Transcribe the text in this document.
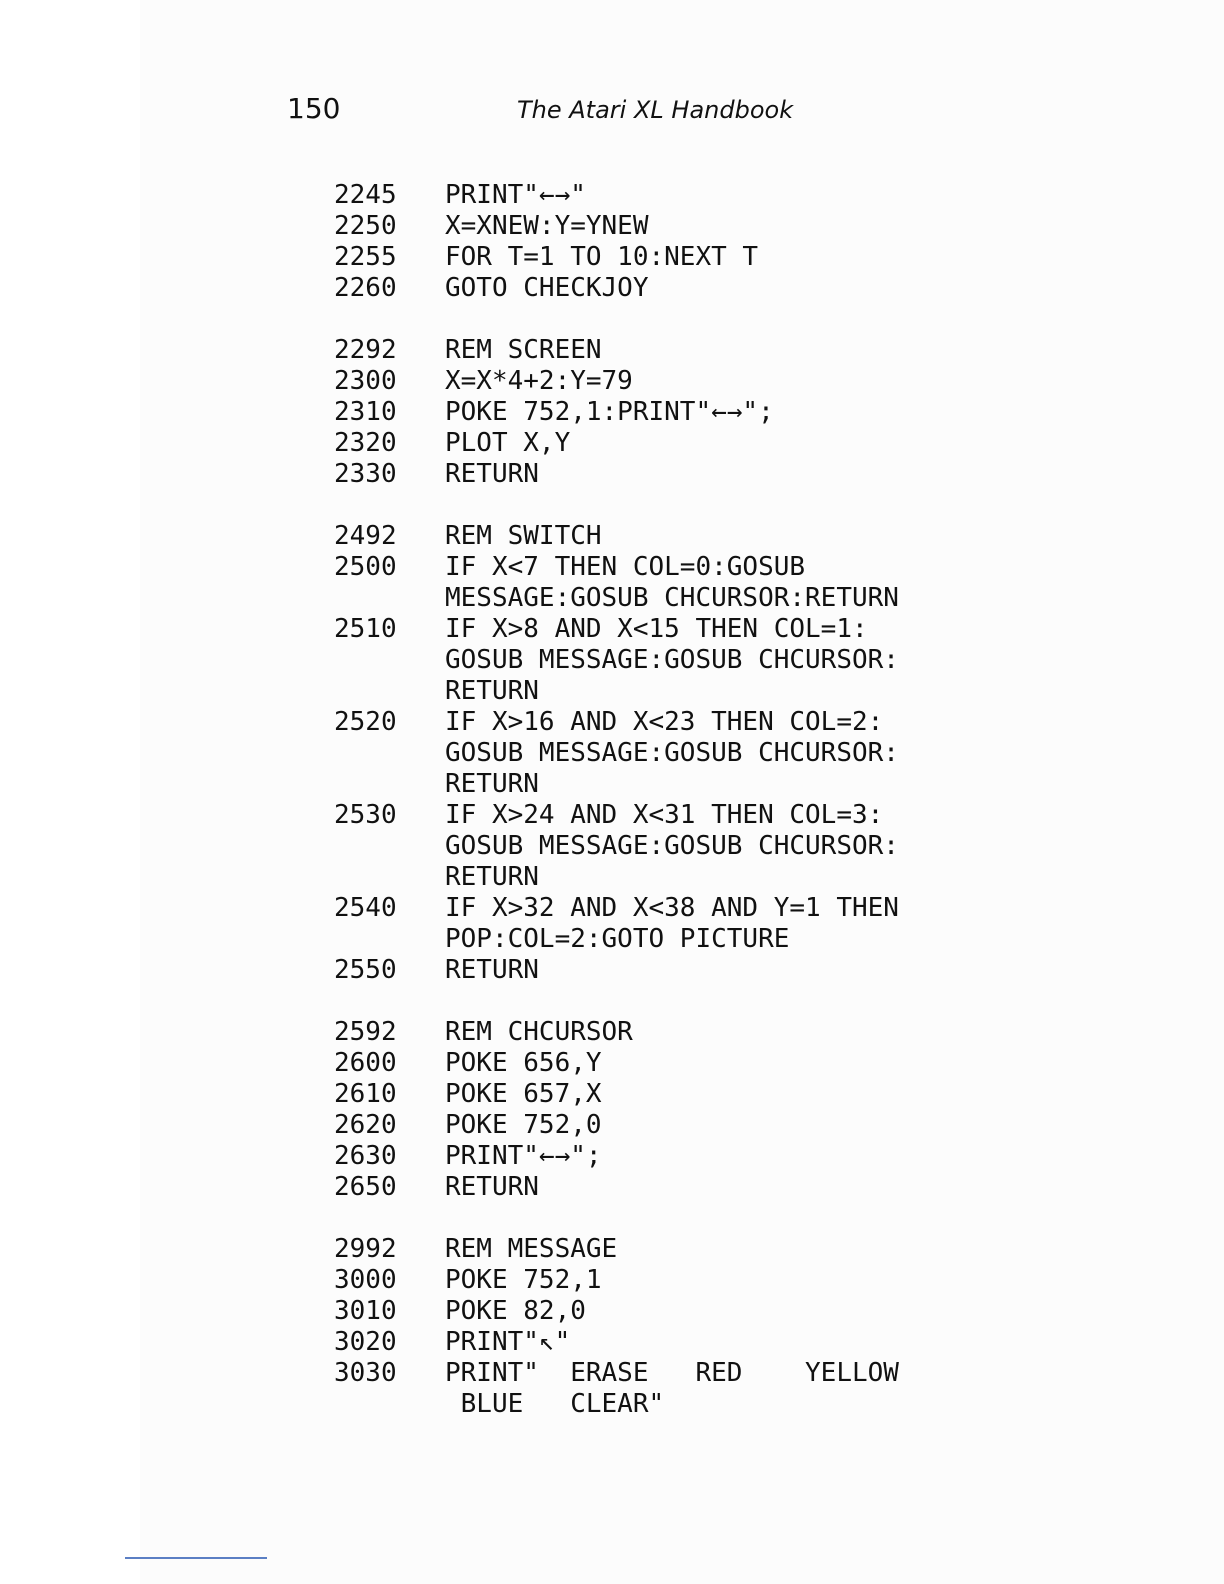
150	The Atari XL Handbook
2245	PRINT"←→"
2250	X=XNEW:Y=YNEW
2255	FOR T=1 TO 10:NEXT T
2260	GOTO CHECKJOY
2292	REM SCREEN
2300	X=X*4+2:Y=79
2310	POKE 752,1:PRINT"←→";
2320	PLOT X,Y
2330	RETURN
2492	REM SWITCH
2500	IF X<7 THEN COL=0:GOSUB
MESSAGE:GOSUB CHCURSOR:RETURN
2510	IF X>8 AND X<15 THEN COL=1:
GOSUB MESSAGE:GOSUB CHCURSOR:
RETURN
2520	IF X>16 AND X<23 THEN COL=2:
GOSUB MESSAGE:GOSUB CHCURSOR:
RETURN
2530	IF X>24 AND X<31 THEN COL=3:
GOSUB MESSAGE:GOSUB CHCURSOR:
RETURN
2540	IF X>32 AND X<38 AND Y=1 THEN
POP:COL=2:GOTO PICTURE
2550	RETURN
2592	REM CHCURSOR
2600	POKE 656,Y
2610	POKE 657,X
2620	POKE 752,0
2630	PRINT"←→";
2650	RETURN
2992	REM MESSAGE
3000	POKE 752,1
3010	POKE 82,0
3020	PRINT"↖"
3030	PRINT"  ERASE   RED    YELLOW
BLUE   CLEAR"
